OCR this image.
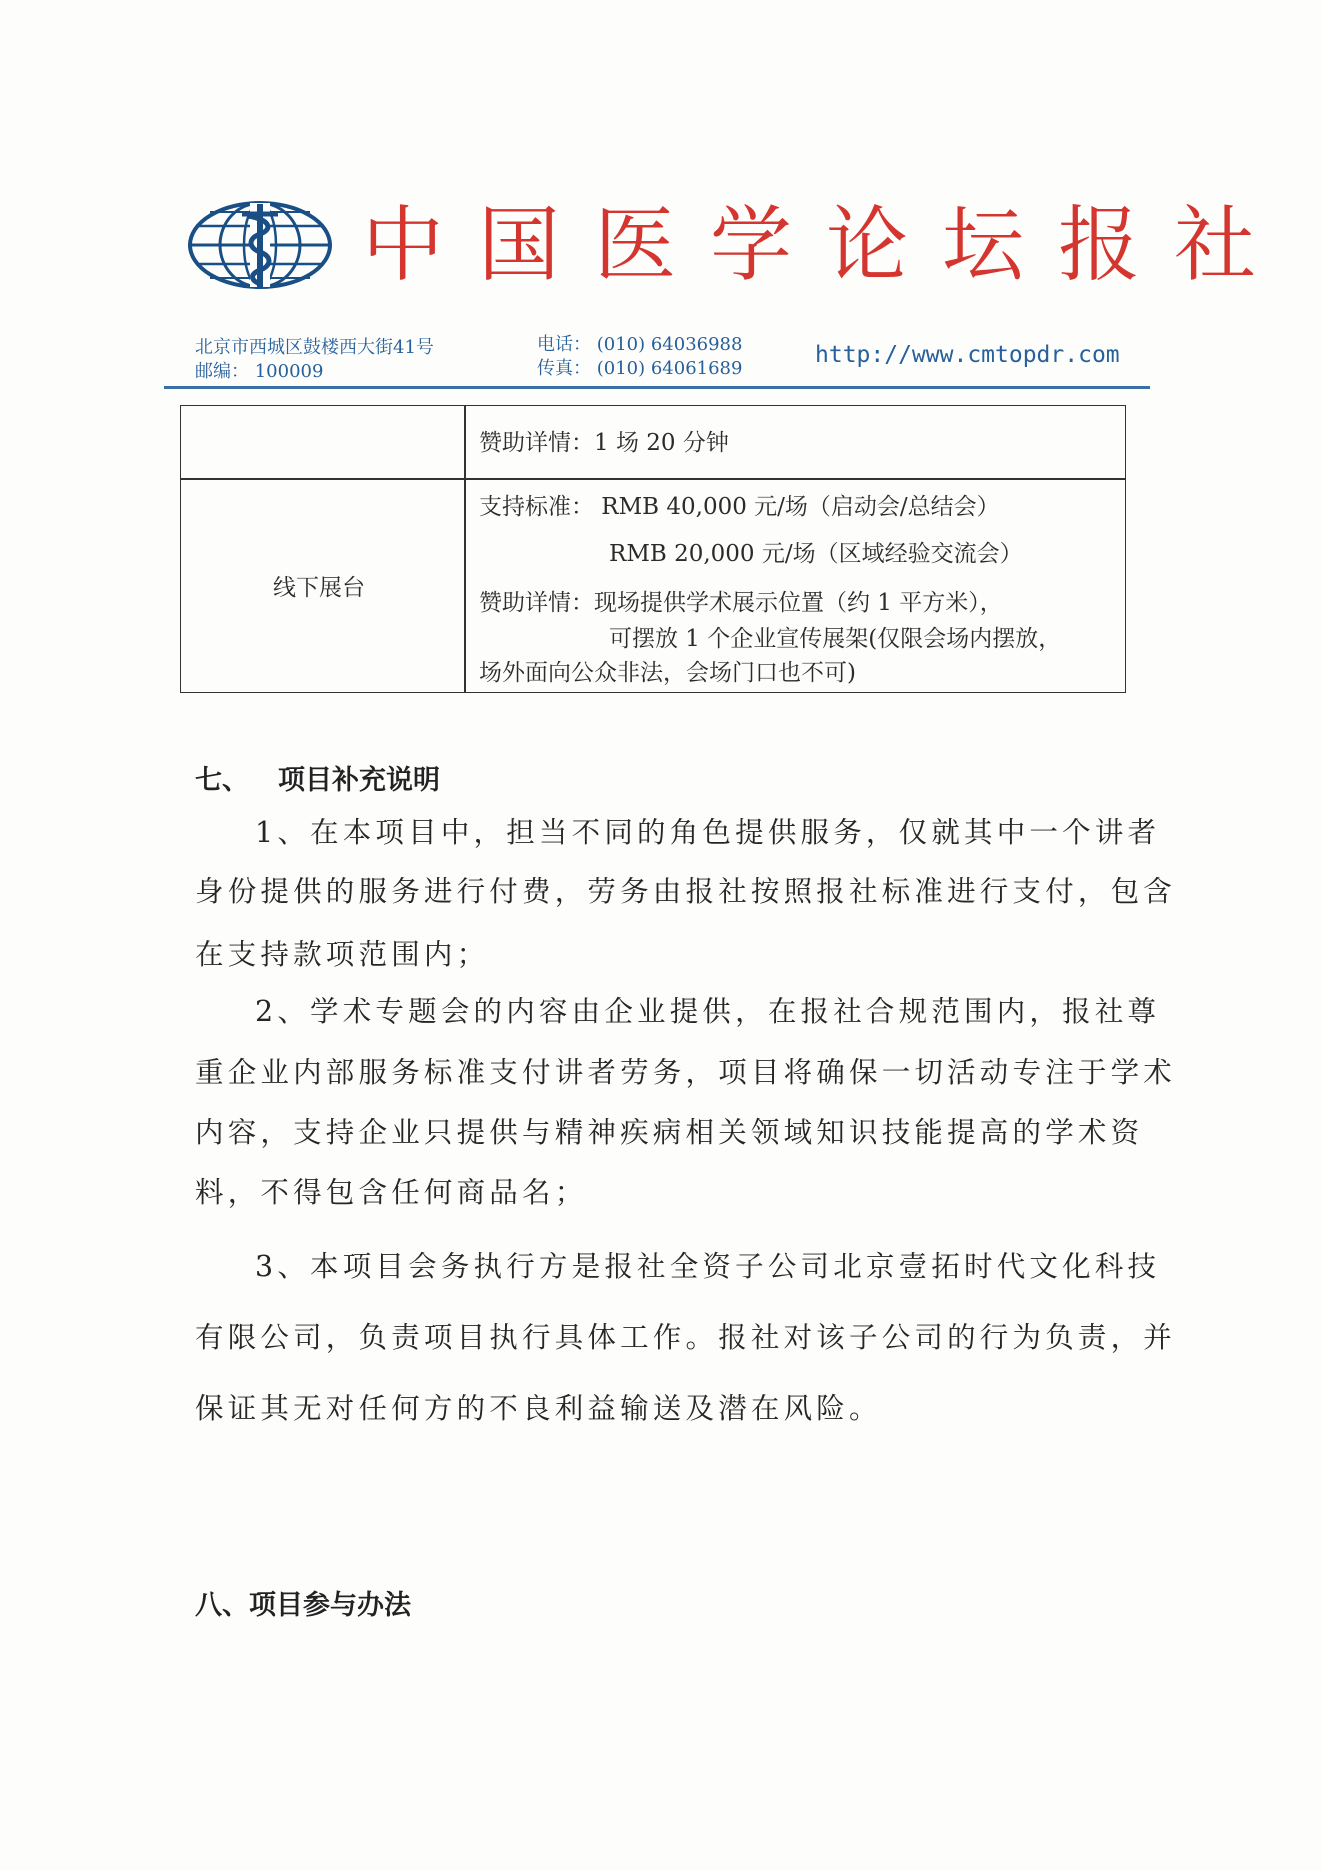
中国医学论坛报社
北京市西城区鼓楼西大街41号
邮编： 100009
电话： (010) 64036988
传真： (010) 64061689
http://www.cmtopdr.com
赞助详情：1 场 20 分钟
线下展台
支持标准： RMB 40,000 元/场（启动会/总结会）
RMB 20,000 元/场（区域经验交流会）
赞助详情：现场提供学术展示位置（约 1 平方米），
可摆放 1 个企业宣传展架(仅限会场内摆放，
场外面向公众非法，会场门口也不可)
七、 项目补充说明
1、在本项目中，担当不同的角色提供服务，仅就其中一个讲者
身份提供的服务进行付费，劳务由报社按照报社标准进行支付，包含
在支持款项范围内；
2、学术专题会的内容由企业提供，在报社合规范围内，报社尊
重企业内部服务标准支付讲者劳务，项目将确保一切活动专注于学术
内容，支持企业只提供与精神疾病相关领域知识技能提高的学术资
料，不得包含任何商品名；
3、本项目会务执行方是报社全资子公司北京壹拓时代文化科技
有限公司，负责项目执行具体工作。报社对该子公司的行为负责，并
保证其无对任何方的不良利益输送及潜在风险。
八、项目参与办法
